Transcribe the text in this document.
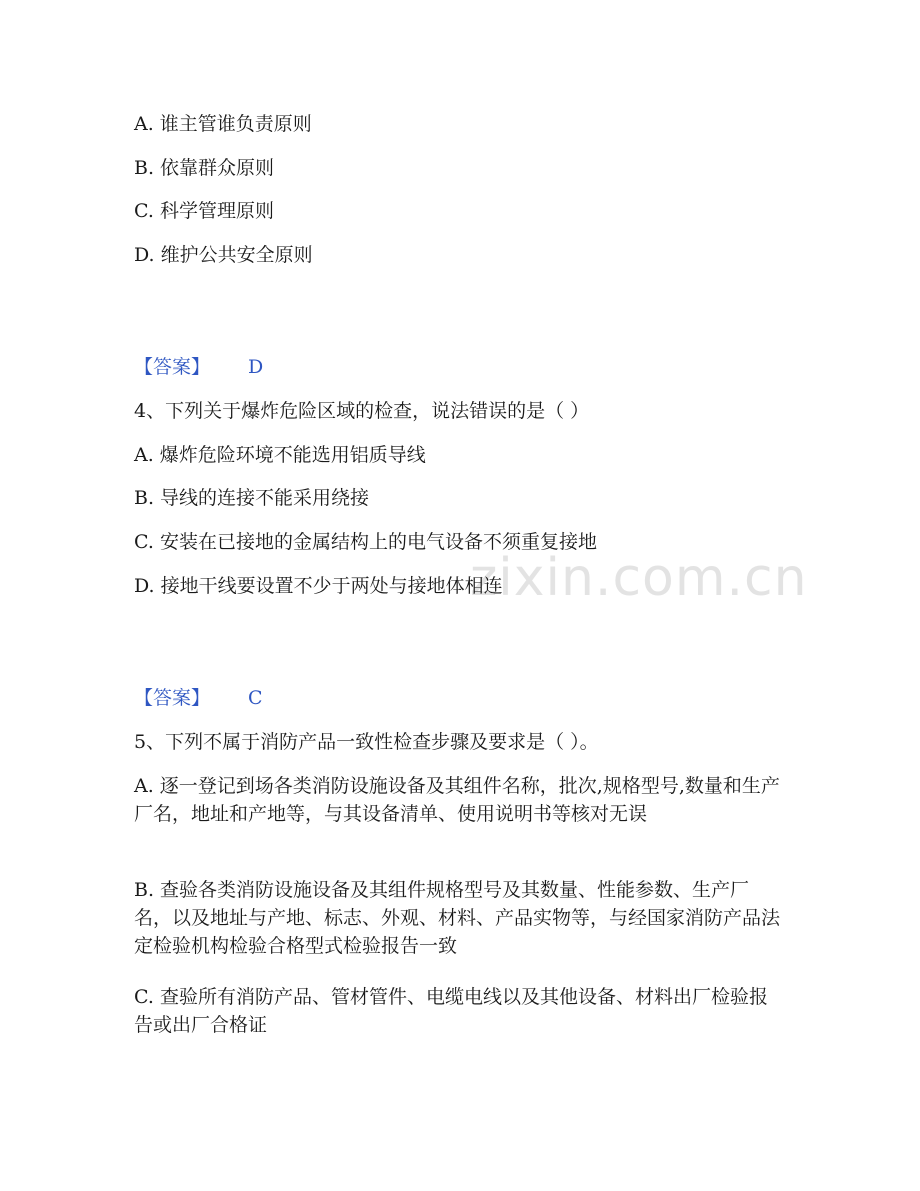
zixin.com.cn
A. 谁主管谁负责原则
B. 依靠群众原则
C. 科学管理原则
D. 维护公共安全原则
【答案】 D
4、下列关于爆炸危险区域的检查，说法错误的是（ ）
A. 爆炸危险环境不能选用铝质导线
B. 导线的连接不能采用绕接
C. 安装在已接地的金属结构上的电气设备不须重复接地
D. 接地干线要设置不少于两处与接地体相连
【答案】 C
5、下列不属于消防产品一致性检查步骤及要求是（ ）。
A. 逐一登记到场各类消防设施设备及其组件名称，批次,规格型号,数量和生产厂名，地址和产地等，与其设备清单、使用说明书等核对无误
B. 查验各类消防设施设备及其组件规格型号及其数量、性能参数、生产厂名，以及地址与产地、标志、外观、材料、产品实物等，与经国家消防产品法定检验机构检验合格型式检验报告一致
C. 查验所有消防产品、管材管件、电缆电线以及其他设备、材料出厂检验报告或出厂合格证
